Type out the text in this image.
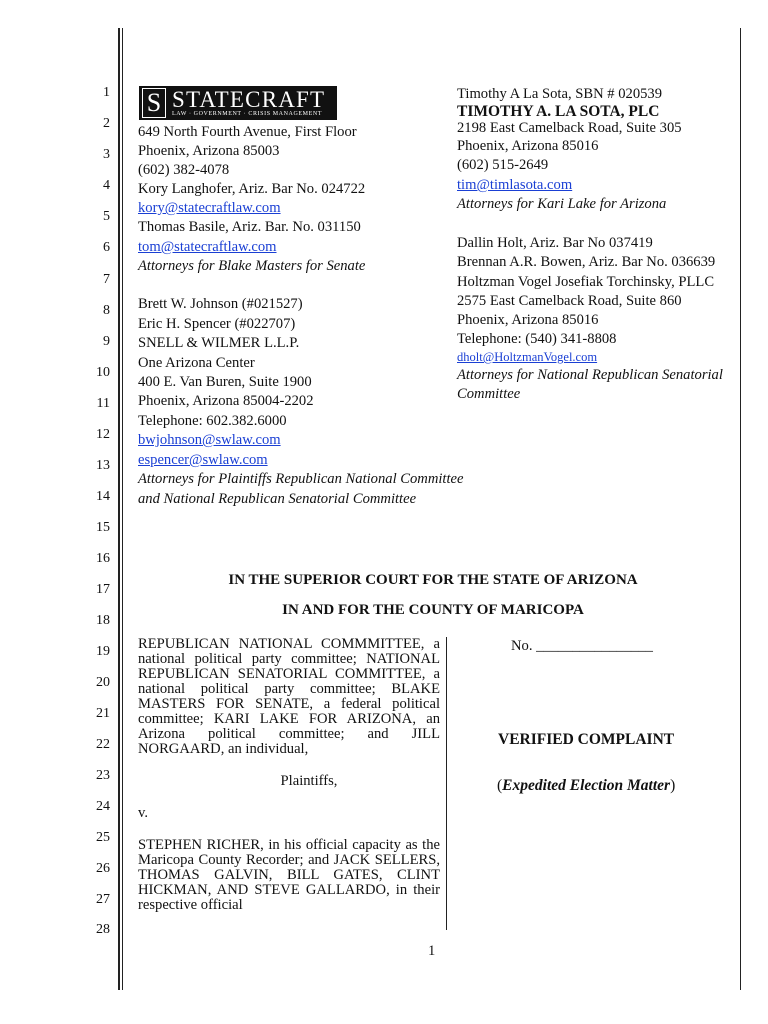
1
2
3
4
5
6
7
8
9
10
11
12
13
14
15
16
17
18
19
20
21
22
23
24
25
26
27
28
S STATECRAFT
LAW · GOVERNMENT · CRISIS MANAGEMENT
649 North Fourth Avenue, First Floor
Phoenix, Arizona 85003
(602) 382-4078
Kory Langhofer, Ariz. Bar No. 024722
kory@statecraftlaw.com
Thomas Basile, Ariz. Bar. No. 031150
tom@statecraftlaw.com
Attorneys for Blake Masters for Senate
Brett W. Johnson (#021527)
Eric H. Spencer (#022707)
SNELL & WILMER L.L.P.
One Arizona Center
400 E. Van Buren, Suite 1900
Phoenix, Arizona 85004-2202
Telephone: 602.382.6000
bwjohnson@swlaw.com
espencer@swlaw.com
Attorneys for Plaintiffs Republican National Committee
and National Republican Senatorial Committee
Timothy A La Sota, SBN # 020539
TIMOTHY A. LA SOTA, PLC
2198 East Camelback Road, Suite 305
Phoenix, Arizona 85016
(602) 515-2649
tim@timlasota.com
Attorneys for Kari Lake for Arizona
Dallin Holt, Ariz. Bar No 037419
Brennan A.R. Bowen, Ariz. Bar No. 036639
Holtzman Vogel Josefiak Torchinsky, PLLC
2575 East Camelback Road, Suite 860
Phoenix, Arizona 85016
Telephone: (540) 341-8808
dholt@HoltzmanVogel.com
Attorneys for National Republican Senatorial
Committee
IN THE SUPERIOR COURT FOR THE STATE OF ARIZONA
IN AND FOR THE COUNTY OF MARICOPA

REPUBLICAN NATIONAL COMMMITTEE, a national political party committee; NATIONAL REPUBLICAN SENATORIAL COMMITTEE, a national political party committee; BLAKE MASTERS FOR SENATE, a federal political committee; KARI LAKE FOR ARIZONA, an Arizona political committee; and JILL NORGAARD, an individual,

Plaintiffs,

v.

STEPHEN RICHER, in his official capacity as the Maricopa County Recorder; and JACK SELLERS, THOMAS GALVIN, BILL GATES, CLINT HICKMAN, AND STEVE GALLARDO, in their respective official

No. ________________
VERIFIED COMPLAINT
(Expedited Election Matter)
1
